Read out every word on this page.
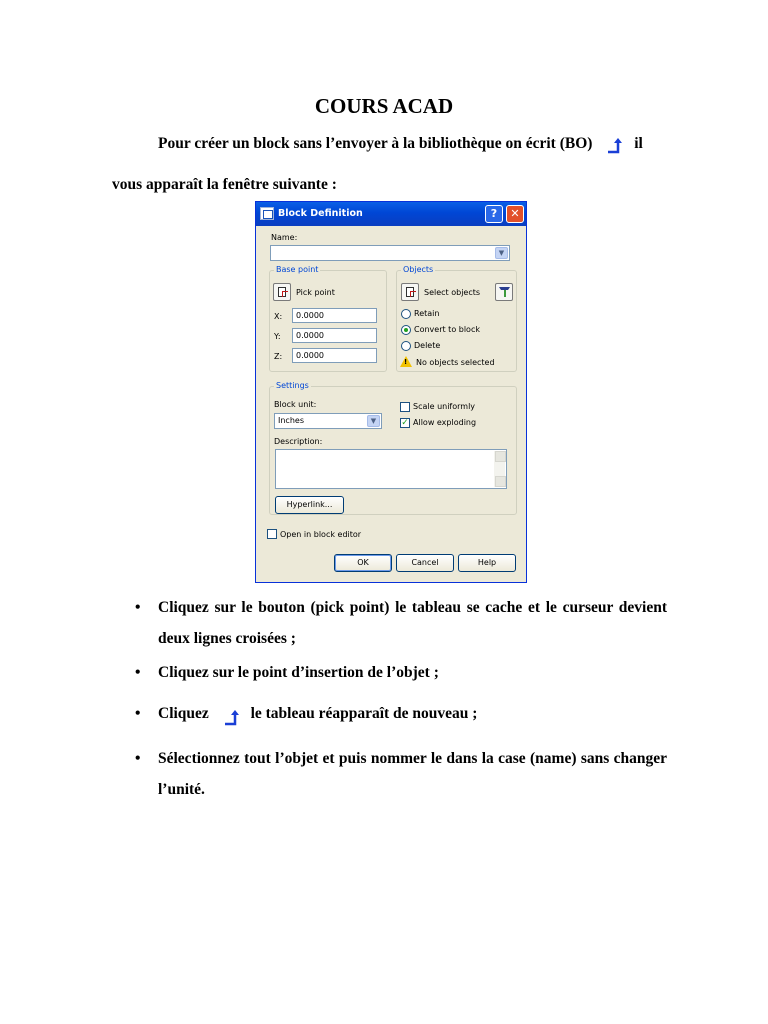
COURS ACAD
Pour créer un block sans l’envoyer à la bibliothèque on écrit (BO)	il
vous apparaît la fenêtre suivante :
Block Definition	?	✕
Name:
▼
Base point
Pick point
X: 0.0000
Y: 0.0000
Z: 0.0000
Objects
Select objects
Retain
Convert to block
Delete
! No objects selected
Settings
Block unit:
Inches	▼
Scale uniformly
✓ Allow exploding
Description:
Hyperlink...
Open in block editor
OK	Cancel	Help
• Cliquez sur le bouton (pick point) le tableau se cache et le curseur devient deux lignes croisées ;
• Cliquez sur le point d’insertion de l’objet ;
• Cliquez	le tableau réapparaît de nouveau ;
• Sélectionnez tout l’objet et puis nommer le dans la case (name) sans changer l’unité.
